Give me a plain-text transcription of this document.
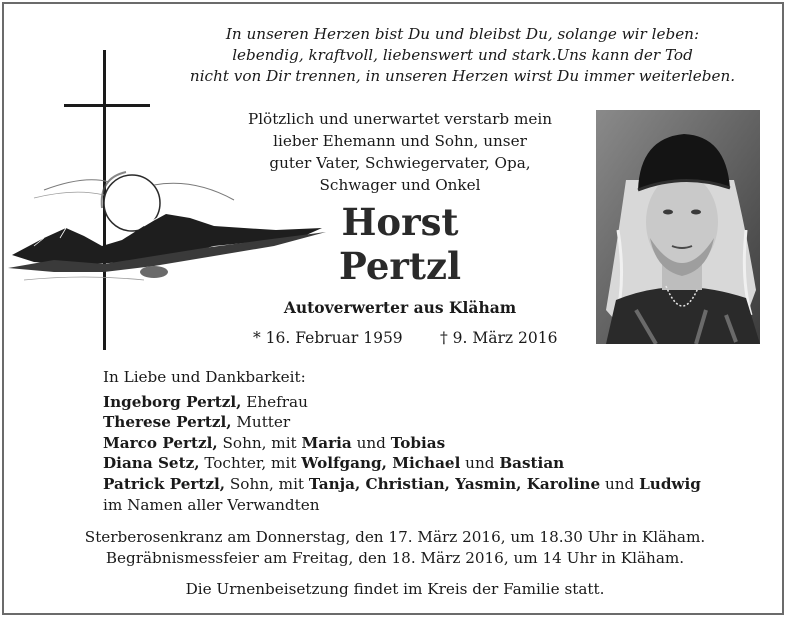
In unseren Herzen bist Du und bleibst Du, solange wir leben:
lebendig, kraftvoll, liebenswert und stark.Uns kann der Tod
nicht von Dir trennen, in unseren Herzen wirst Du immer weiterleben.
Plötzlich und unerwartet verstarb mein
lieber Ehemann und Sohn, unser
guter Vater, Schwiegervater, Opa,
Schwager und Onkel
Horst
Pertzl
Autoverwerter aus Kläham
* 16. Februar 1959 † 9. März 2016
In Liebe und Dankbarkeit:
Ingeborg Pertzl, Ehefrau
Therese Pertzl, Mutter
Marco Pertzl, Sohn, mit Maria und Tobias
Diana Setz, Tochter, mit Wolfgang, Michael und Bastian
Patrick Pertzl, Sohn, mit Tanja, Christian, Yasmin, Karoline und Ludwig
im Namen aller Verwandten
Sterberosenkranz am Donnerstag, den 17. März 2016, um 18.30 Uhr in Kläham.
Begräbnismessfeier am Freitag, den 18. März 2016, um 14 Uhr in Kläham.
Die Urnenbeisetzung findet im Kreis der Familie statt.
